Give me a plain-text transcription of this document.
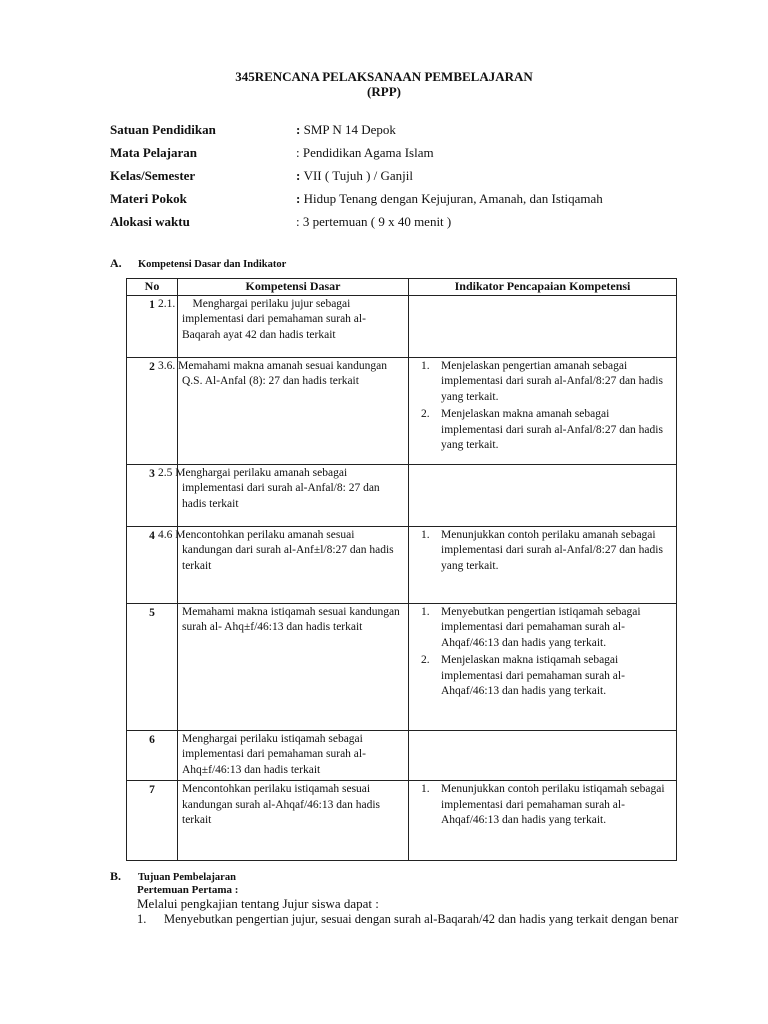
345RENCANA PELAKSANAAN PEMBELAJARAN
(RPP)
Satuan Pendidikan	: SMP N 14 Depok
Mata Pelajaran	: Pendidikan Agama Islam
Kelas/Semester	: VII ( Tujuh ) / Ganjil
Materi Pokok	: Hidup Tenang dengan Kejujuran, Amanah, dan Istiqamah
Alokasi waktu	: 3 pertemuan ( 9 x 40 menit )
A. Kompetensi Dasar dan Indikator
No	Kompetensi Dasar	Indikator Pencapaian Kompetensi
1	2.1.      Menghargai perilaku jujur sebagai implementasi dari pemahaman surah al- Baqarah ayat 42 dan hadis terkait	
2	3.6. Memahami makna amanah sesuai kandungan Q.S. Al-Anfal (8): 27 dan hadis terkait	1. Menjelaskan pengertian amanah sebagai implementasi dari surah al-Anfal/8:27 dan hadis yang terkait.
2. Menjelaskan makna amanah sebagai implementasi dari surah al-Anfal/8:27 dan hadis yang terkait.

3	2.5 Menghargai perilaku amanah sebagai implementasi dari surah al-Anfal/8: 27 dan hadis terkait	
4	4.6 Mencontohkan perilaku amanah sesuai kandungan dari surah al-Anf±l/8:27 dan hadis terkait	1. Menunjukkan contoh perilaku amanah sebagai implementasi dari surah al-Anfal/8:27 dan hadis yang terkait.

5	Memahami makna istiqamah sesuai kandungan surah al- Ahq±f/46:13 dan hadis terkait	1. Menyebutkan pengertian istiqamah sebagai implementasi dari pemahaman surah al- Ahqaf/46:13 dan hadis yang terkait.
2. Menjelaskan makna istiqamah sebagai implementasi dari pemahaman surah al-Ahqaf/46:13 dan hadis yang terkait.

6	Menghargai perilaku istiqamah sebagai implementasi dari pemahaman surah al- Ahq±f/46:13 dan hadis terkait	
7	Mencontohkan perilaku istiqamah sesuai kandungan surah al-Ahqaf/46:13 dan hadis terkait	1. Menunjukkan contoh perilaku istiqamah sebagai implementasi dari pemahaman surah al- Ahqaf/46:13 dan hadis yang terkait.
B. Tujuan Pembelajaran
Pertemuan Pertama :
Melalui pengkajian tentang Jujur siswa dapat :
1. Menyebutkan pengertian jujur, sesuai dengan surah al-Baqarah/42 dan hadis yang terkait dengan benar
